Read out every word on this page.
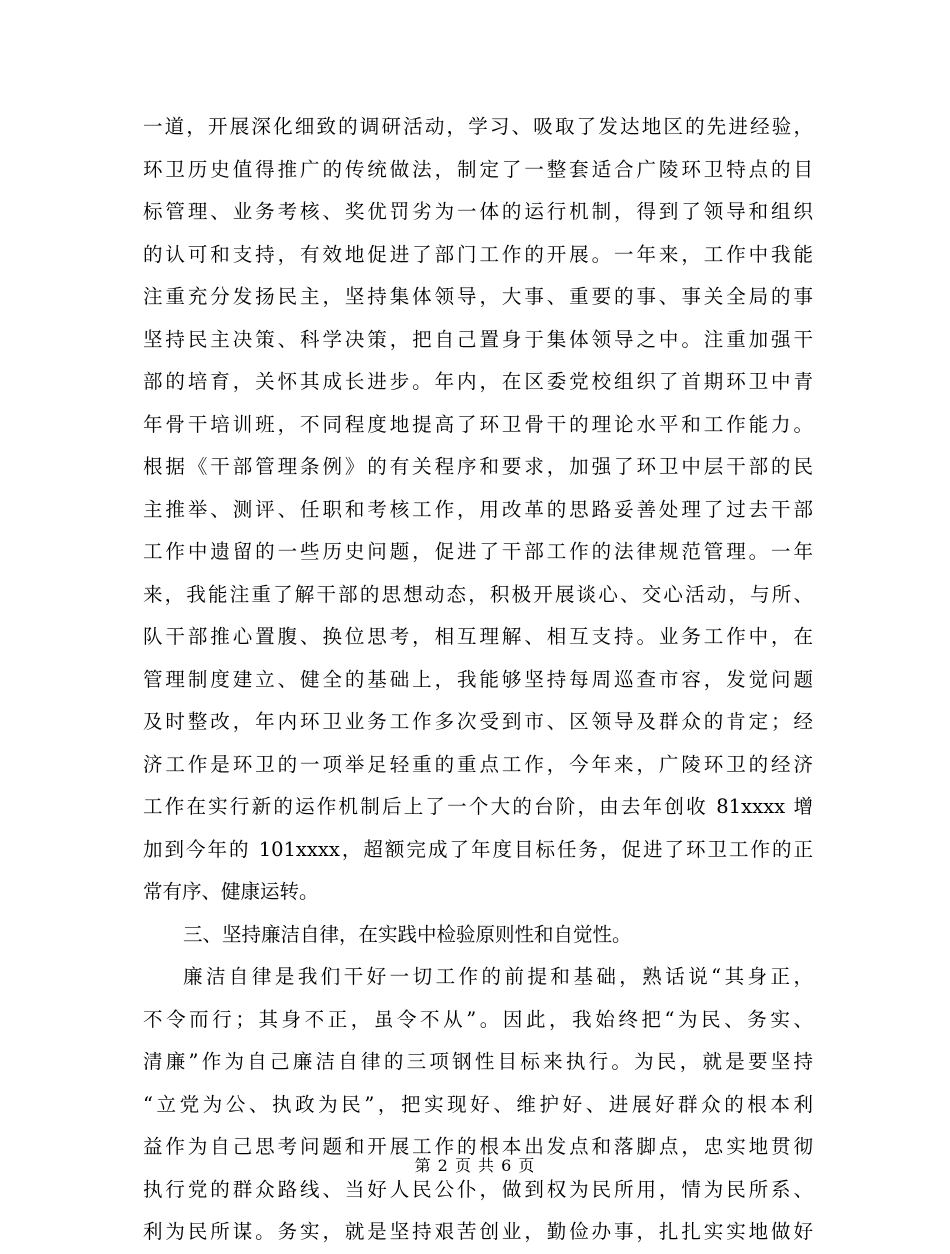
一道，开展深化细致的调研活动，学习、吸取了发达地区的先进经验，
环卫历史值得推广的传统做法，制定了一整套适合广陵环卫特点的目
标管理、业务考核、奖优罚劣为一体的运行机制，得到了领导和组织
的认可和支持，有效地促进了部门工作的开展。一年来，工作中我能
注重充分发扬民主，坚持集体领导，大事、重要的事、事关全局的事
坚持民主决策、科学决策，把自己置身于集体领导之中。注重加强干
部的培育，关怀其成长进步。年内，在区委党校组织了首期环卫中青
年骨干培训班，不同程度地提高了环卫骨干的理论水平和工作能力。
根据《干部管理条例》的有关程序和要求，加强了环卫中层干部的民
主推举、测评、任职和考核工作，用改革的思路妥善处理了过去干部
工作中遗留的一些历史问题，促进了干部工作的法律规范管理。一年
来，我能注重了解干部的思想动态，积极开展谈心、交心活动，与所、
队干部推心置腹、换位思考，相互理解、相互支持。业务工作中，在
管理制度建立、健全的基础上，我能够坚持每周巡查市容，发觉问题
及时整改，年内环卫业务工作多次受到市、区领导及群众的肯定；经
济工作是环卫的一项举足轻重的重点工作，今年来，广陵环卫的经济
工作在实行新的运作机制后上了一个大的台阶，由去年创收 81xxxx 增
加到今年的 101xxxx，超额完成了年度目标任务，促进了环卫工作的正
常有序、健康运转。
三、坚持廉洁自律，在实践中检验原则性和自觉性。
廉洁自律是我们干好一切工作的前提和基础，熟话说“其身正，
不令而行；其身不正，虽令不从”。因此，我始终把“为民、务实、
清廉”作为自己廉洁自律的三项钢性目标来执行。为民，就是要坚持
“立党为公、执政为民”，把实现好、维护好、进展好群众的根本利
益作为自己思考问题和开展工作的根本出发点和落脚点，忠实地贯彻
执行党的群众路线、当好人民公仆，做到权为民所用，情为民所系、
利为民所谋。务实，就是坚持艰苦创业，勤俭办事，扎扎实实地做好
第 2 页 共 6 页
